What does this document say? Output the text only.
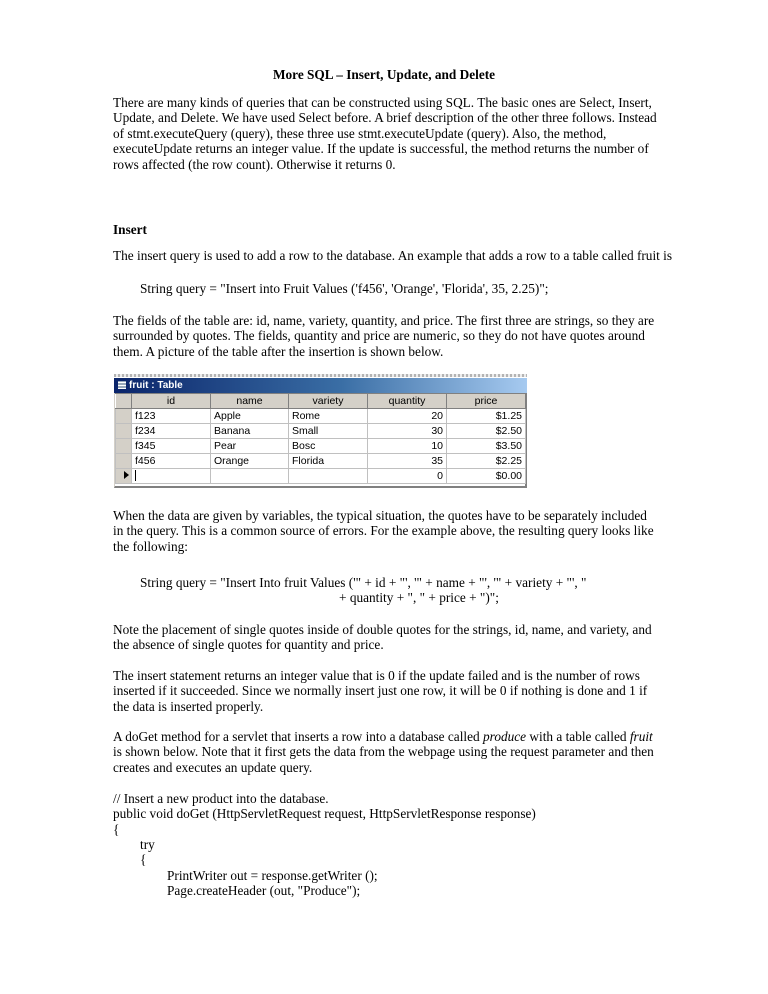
More SQL – Insert, Update, and Delete

There are many kinds of queries that can be constructed using SQL. The basic ones are Select, Insert, Update, and Delete. We have used Select before. A brief description of the other three follows. Instead of stmt.executeQuery (query), these three use stmt.executeUpdate (query). Also, the method, executeUpdate returns an integer value. If the update is successful, the method returns the number of rows affected (the row count). Otherwise it returns 0.

Insert

The insert query is used to add a row to the database. An example that adds a row to a table called fruit is

String query = "Insert into Fruit Values ('f456', 'Orange', 'Florida', 35, 2.25)";

The fields of the table are: id, name, variety, quantity, and price. The first three are strings, so they are surrounded by quotes. The fields, quantity and price are numeric, so they do not have quotes around them. A picture of the table after the insertion is shown below.

fruit : Table
	id	name	variety	quantity	price
	f123	Apple	Rome	20	$1.25
	f234	Banana	Small	30	$2.50
	f345	Pear	Bosc	10	$3.50
	f456	Orange	Florida	35	$2.25
				0	$0.00

When the data are given by variables, the typical situation, the quotes have to be separately included in the query. This is a common source of errors. For the example above, the resulting query looks like the following:

String query = "Insert Into fruit Values ('" + id + "', '" + name + "', '" + variety + "', "
+ quantity + ", " + price + ")";

Note the placement of single quotes inside of double quotes for the strings, id, name, and variety, and the absence of single quotes for quantity and price.

The insert statement returns an integer value that is 0 if the update failed and is the number of rows inserted if it succeeded. Since we normally insert just one row, it will be 0 if nothing is done and 1 if the data is inserted properly.

A doGet method for a servlet that inserts a row into a database called produce with a table called fruit is shown below. Note that it first gets the data from the webpage using the request parameter and then creates and executes an update query.

// Insert a new product into the database.
public void doGet (HttpServletRequest request, HttpServletResponse response)
{
try
{
PrintWriter out = response.getWriter ();
Page.createHeader (out, "Produce");
